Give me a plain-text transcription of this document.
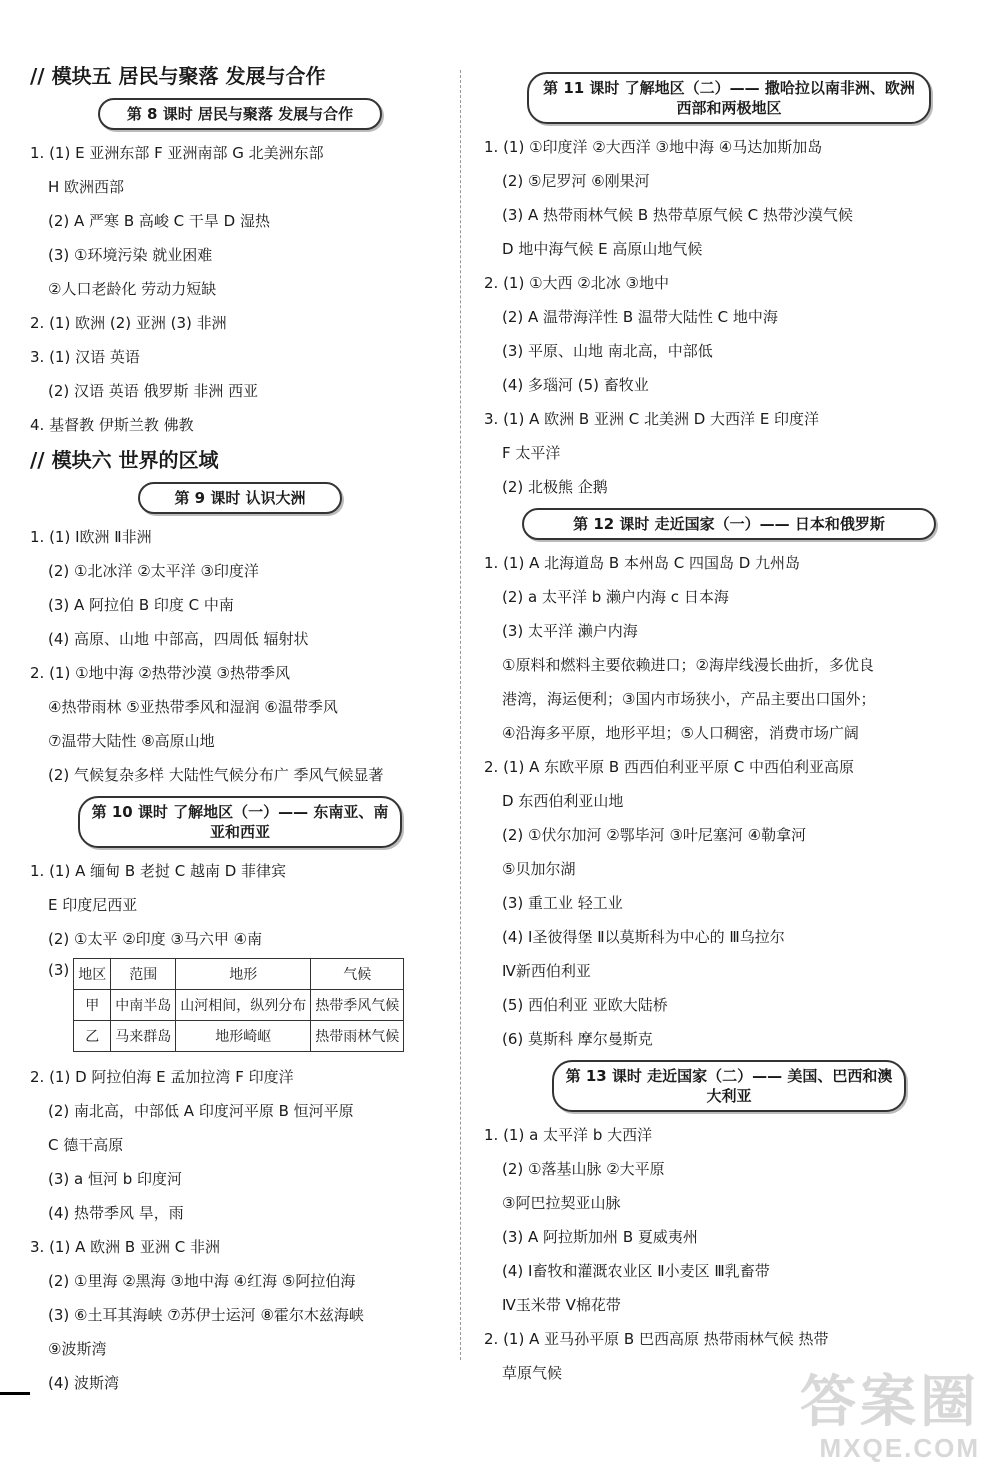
// 模块五 居民与聚落 发展与合作
第 8 课时 居民与聚落 发展与合作
1. (1) E 亚洲东部 F 亚洲南部 G 北美洲东部
H 欧洲西部
(2) A 严寒 B 高峻 C 干旱 D 湿热
(3) ①环境污染 就业困难
②人口老龄化 劳动力短缺
2. (1) 欧洲 (2) 亚洲 (3) 非洲
3. (1) 汉语 英语
(2) 汉语 英语 俄罗斯 非洲 西亚
4. 基督教 伊斯兰教 佛教
// 模块六 世界的区域
第 9 课时 认识大洲
1. (1) Ⅰ欧洲 Ⅱ非洲
(2) ①北冰洋 ②太平洋 ③印度洋
(3) A 阿拉伯 B 印度 C 中南
(4) 高原、山地 中部高，四周低 辐射状
2. (1) ①地中海 ②热带沙漠 ③热带季风
④热带雨林 ⑤亚热带季风和湿润 ⑥温带季风
⑦温带大陆性 ⑧高原山地
(2) 气候复杂多样 大陆性气候分布广 季风气候显著
第 10 课时 了解地区（一）—— 东南亚、南亚和西亚
1. (1) A 缅甸 B 老挝 C 越南 D 菲律宾
E 印度尼西亚
(2) ①太平 ②印度 ③马六甲 ④南
(3) 地区	范围	地形	气候
甲	中南半岛	山河相间，纵列分布	热带季风气候
乙	马来群岛	地形崎岖	热带雨林气候
2. (1) D 阿拉伯海 E 孟加拉湾 F 印度洋
(2) 南北高，中部低 A 印度河平原 B 恒河平原
C 德干高原
(3) a 恒河 b 印度河
(4) 热带季风 旱，雨
3. (1) A 欧洲 B 亚洲 C 非洲
(2) ①里海 ②黑海 ③地中海 ④红海 ⑤阿拉伯海
(3) ⑥土耳其海峡 ⑦苏伊士运河 ⑧霍尔木兹海峡
⑨波斯湾
(4) 波斯湾
第 11 课时 了解地区（二）—— 撒哈拉以南非洲、欧洲西部和两极地区
1. (1) ①印度洋 ②大西洋 ③地中海 ④马达加斯加岛
(2) ⑤尼罗河 ⑥刚果河
(3) A 热带雨林气候 B 热带草原气候 C 热带沙漠气候
D 地中海气候 E 高原山地气候
2. (1) ①大西 ②北冰 ③地中
(2) A 温带海洋性 B 温带大陆性 C 地中海
(3) 平原、山地 南北高，中部低
(4) 多瑙河 (5) 畜牧业
3. (1) A 欧洲 B 亚洲 C 北美洲 D 大西洋 E 印度洋
F 太平洋
(2) 北极熊 企鹅
第 12 课时 走近国家（一）—— 日本和俄罗斯
1. (1) A 北海道岛 B 本州岛 C 四国岛 D 九州岛
(2) a 太平洋 b 濑户内海 c 日本海
(3) 太平洋 濑户内海
①原料和燃料主要依赖进口；②海岸线漫长曲折，多优良
港湾，海运便利；③国内市场狭小，产品主要出口国外；
④沿海多平原，地形平坦；⑤人口稠密，消费市场广阔
2. (1) A 东欧平原 B 西西伯利亚平原 C 中西伯利亚高原
D 东西伯利亚山地
(2) ①伏尔加河 ②鄂毕河 ③叶尼塞河 ④勒拿河
⑤贝加尔湖
(3) 重工业 轻工业
(4) Ⅰ圣彼得堡 Ⅱ以莫斯科为中心的 Ⅲ乌拉尔
Ⅳ新西伯利亚
(5) 西伯利亚 亚欧大陆桥
(6) 莫斯科 摩尔曼斯克
第 13 课时 走近国家（二）—— 美国、巴西和澳大利亚
1. (1) a 太平洋 b 大西洋
(2) ①落基山脉 ②大平原
③阿巴拉契亚山脉
(3) A 阿拉斯加州 B 夏威夷州
(4) Ⅰ畜牧和灌溉农业区 Ⅱ小麦区 Ⅲ乳畜带
Ⅳ玉米带 Ⅴ棉花带
2. (1) A 亚马孙平原 B 巴西高原 热带雨林气候 热带
草原气候	答案圈
MXQE.COM
